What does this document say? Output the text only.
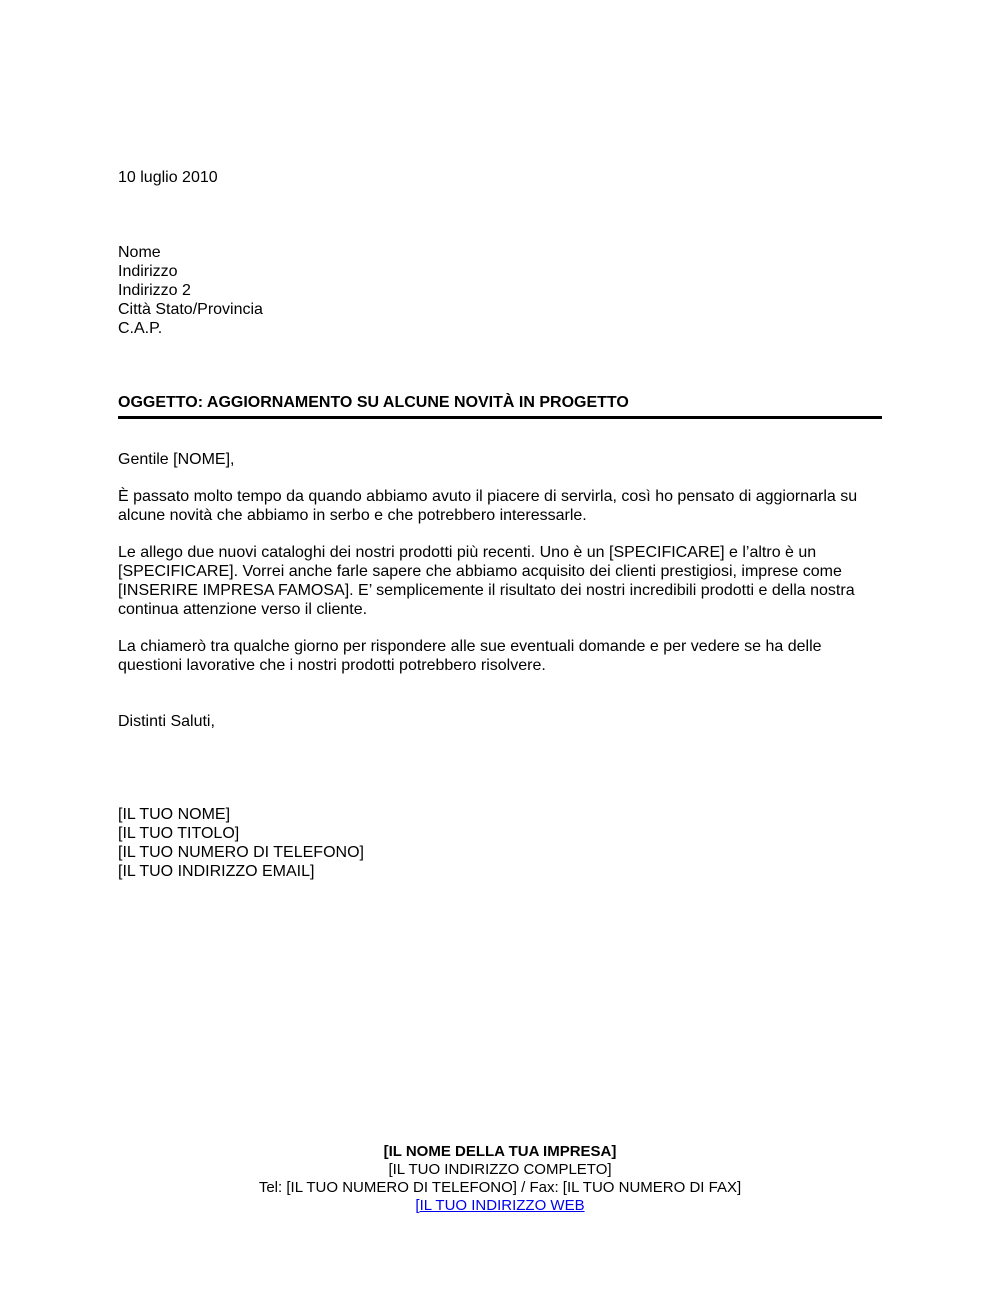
10 luglio 2010
Nome
Indirizzo
Indirizzo 2
Città Stato/Provincia
C.A.P.
OGGETTO: AGGIORNAMENTO SU ALCUNE NOVITÀ IN PROGETTO
Gentile [NOME],
È passato molto tempo da quando abbiamo avuto il piacere di servirla, così ho pensato di aggiornarla su
alcune novità che abbiamo in serbo e che potrebbero interessarle.
Le allego due nuovi cataloghi dei nostri prodotti più recenti. Uno è un [SPECIFICARE] e l’altro è un
[SPECIFICARE]. Vorrei anche farle sapere che abbiamo acquisito dei clienti prestigiosi, imprese come
[INSERIRE IMPRESA FAMOSA]. E’ semplicemente il risultato dei nostri incredibili prodotti e della nostra
continua attenzione verso il cliente.
La chiamerò tra qualche giorno per rispondere alle sue eventuali domande e per vedere se ha delle
questioni lavorative che i nostri prodotti potrebbero risolvere.
Distinti Saluti,
[IL TUO NOME]
[IL TUO TITOLO]
[IL TUO NUMERO DI TELEFONO]
[IL TUO INDIRIZZO EMAIL]
[IL NOME DELLA TUA IMPRESA]
[IL TUO INDIRIZZO COMPLETO]
Tel: [IL TUO NUMERO DI TELEFONO] / Fax: [IL TUO NUMERO DI FAX]
[IL TUO INDIRIZZO WEB
